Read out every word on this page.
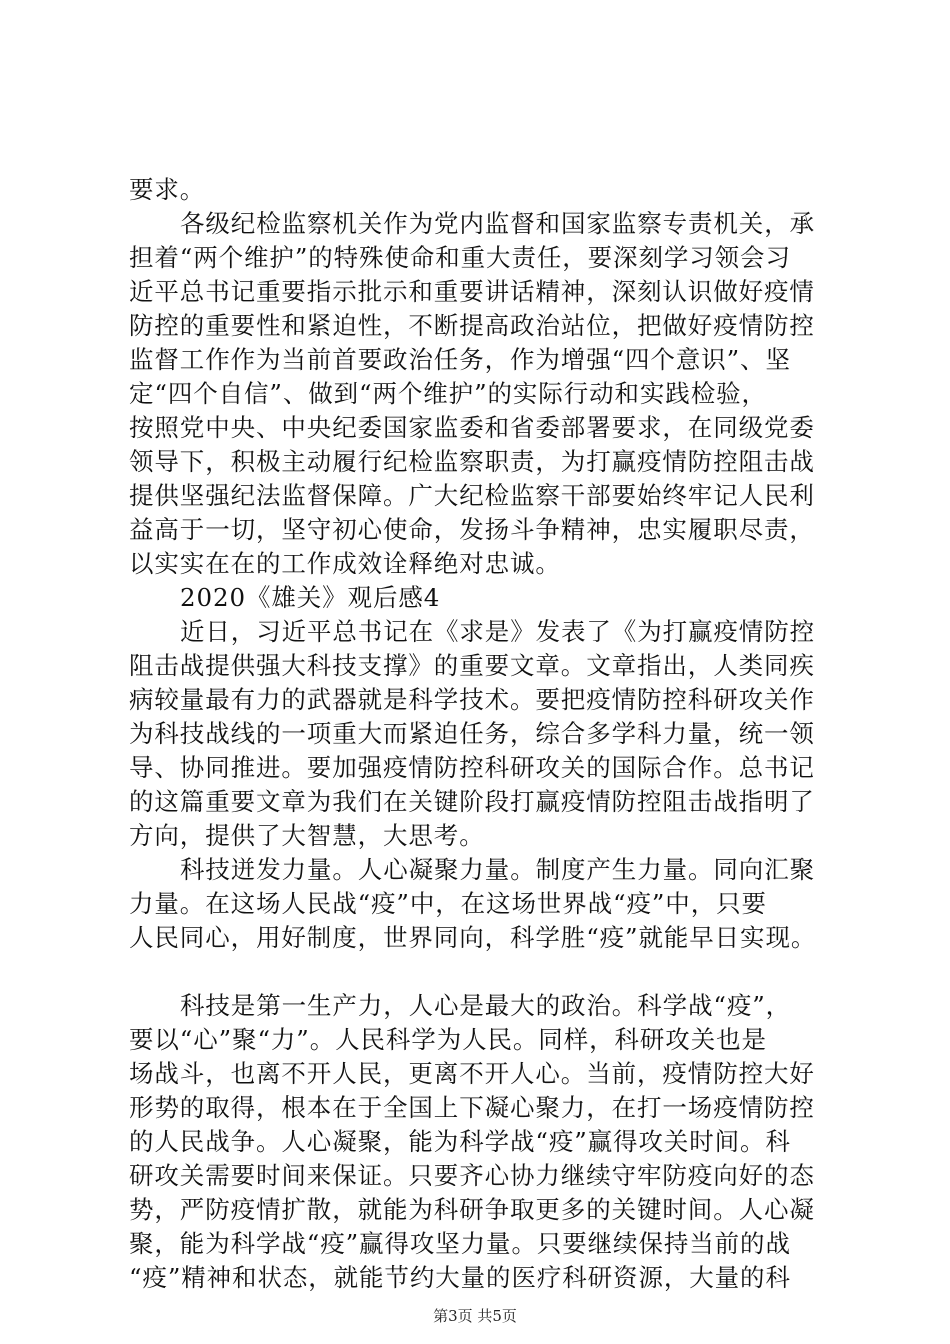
要求。
各级纪检监察机关作为党内监督和国家监察专责机关，承
担着“两个维护”的特殊使命和重大责任，要深刻学习领会习
近平总书记重要指示批示和重要讲话精神，深刻认识做好疫情
防控的重要性和紧迫性，不断提高政治站位，把做好疫情防控
监督工作作为当前首要政治任务，作为增强“四个意识”、坚
定“四个自信”、做到“两个维护”的实际行动和实践检验，
按照党中央、中央纪委国家监委和省委部署要求，在同级党委
领导下，积极主动履行纪检监察职责，为打赢疫情防控阻击战
提供坚强纪法监督保障。广大纪检监察干部要始终牢记人民利
益高于一切，坚守初心使命，发扬斗争精神，忠实履职尽责，
以实实在在的工作成效诠释绝对忠诚。
2020《雄关》观后感4
近日，习近平总书记在《求是》发表了《为打赢疫情防控
阻击战提供强大科技支撑》的重要文章。文章指出，人类同疾
病较量最有力的武器就是科学技术。要把疫情防控科研攻关作
为科技战线的一项重大而紧迫任务，综合多学科力量，统一领
导、协同推进。要加强疫情防控科研攻关的国际合作。总书记
的这篇重要文章为我们在关键阶段打赢疫情防控阻击战指明了
方向，提供了大智慧，大思考。
科技迸发力量。人心凝聚力量。制度产生力量。同向汇聚
力量。在这场人民战“疫”中，在这场世界战“疫”中，只要
人民同心，用好制度，世界同向，科学胜“疫”就能早日实现。
科技是第一生产力，人心是最大的政治。科学战“疫”，
要以“心”聚“力”。人民科学为人民。同样，科研攻关也是
场战斗，也离不开人民，更离不开人心。当前，疫情防控大好
形势的取得，根本在于全国上下凝心聚力，在打一场疫情防控
的人民战争。人心凝聚，能为科学战“疫”赢得攻关时间。科
研攻关需要时间来保证。只要齐心协力继续守牢防疫向好的态
势，严防疫情扩散，就能为科研争取更多的关键时间。人心凝
聚，能为科学战“疫”赢得攻坚力量。只要继续保持当前的战
“疫”精神和状态，就能节约大量的医疗科研资源，大量的科
第3页 共5页
